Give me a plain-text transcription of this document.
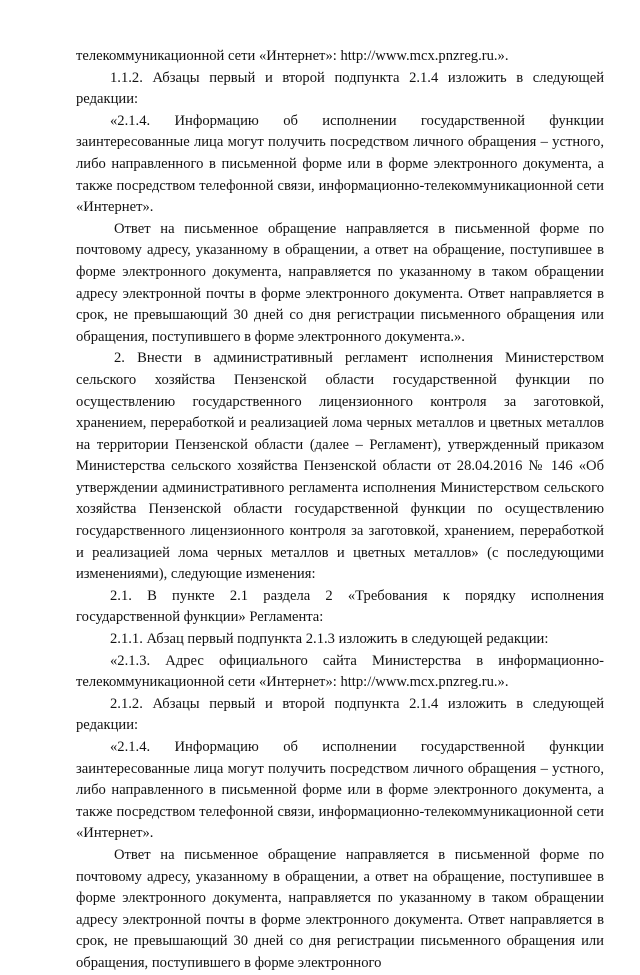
телекоммуникационной сети «Интернет»: http://www.mcx.pnzreg.ru.».

1.1.2. Абзацы первый и второй подпункта 2.1.4 изложить в следующей редакции:

«2.1.4. Информацию об исполнении государственной функции заинтересованные лица могут получить посредством личного обращения – устного, либо направленного в письменной форме или в форме электронного документа, а также посредством телефонной связи, информационно-телекоммуникационной сети «Интернет».

Ответ на письменное обращение направляется в письменной форме по почтовому адресу, указанному в обращении, а ответ на обращение, поступившее в форме электронного документа, направляется по указанному в таком обращении адресу электронной почты в форме электронного документа. Ответ направляется в срок, не превышающий 30 дней со дня регистрации письменного обращения или обращения, поступившего в форме электронного документа.».

2. Внести в административный регламент исполнения Министерством сельского хозяйства Пензенской области государственной функции по осуществлению государственного лицензионного контроля за заготовкой, хранением, переработкой и реализацией лома черных металлов и цветных металлов на территории Пензенской области (далее – Регламент), утвержденный приказом Министерства сельского хозяйства Пензенской области от 28.04.2016 № 146 «Об утверждении административного регламента исполнения Министерством сельского хозяйства Пензенской области государственной функции по осуществлению государственного лицензионного контроля за заготовкой, хранением, переработкой и реализацией лома черных металлов и цветных металлов» (с последующими изменениями), следующие изменения:

2.1. В пункте 2.1 раздела 2 «Требования к порядку исполнения государственной функции» Регламента:

2.1.1. Абзац первый подпункта 2.1.3 изложить в следующей редакции:

«2.1.3. Адрес официального сайта Министерства в информационно-телекоммуникационной сети «Интернет»: http://www.mcx.pnzreg.ru.».

2.1.2. Абзацы первый и второй подпункта 2.1.4 изложить в следующей редакции:

«2.1.4. Информацию об исполнении государственной функции заинтересованные лица могут получить посредством личного обращения – устного, либо направленного в письменной форме или в форме электронного документа, а также посредством телефонной связи, информационно-телекоммуникационной сети «Интернет».

Ответ на письменное обращение направляется в письменной форме по почтовому адресу, указанному в обращении, а ответ на обращение, поступившее в форме электронного документа, направляется по указанному в таком обращении адресу электронной почты в форме электронного документа. Ответ направляется в срок, не превышающий 30 дней со дня регистрации письменного обращения или обращения, поступившего в форме электронного
